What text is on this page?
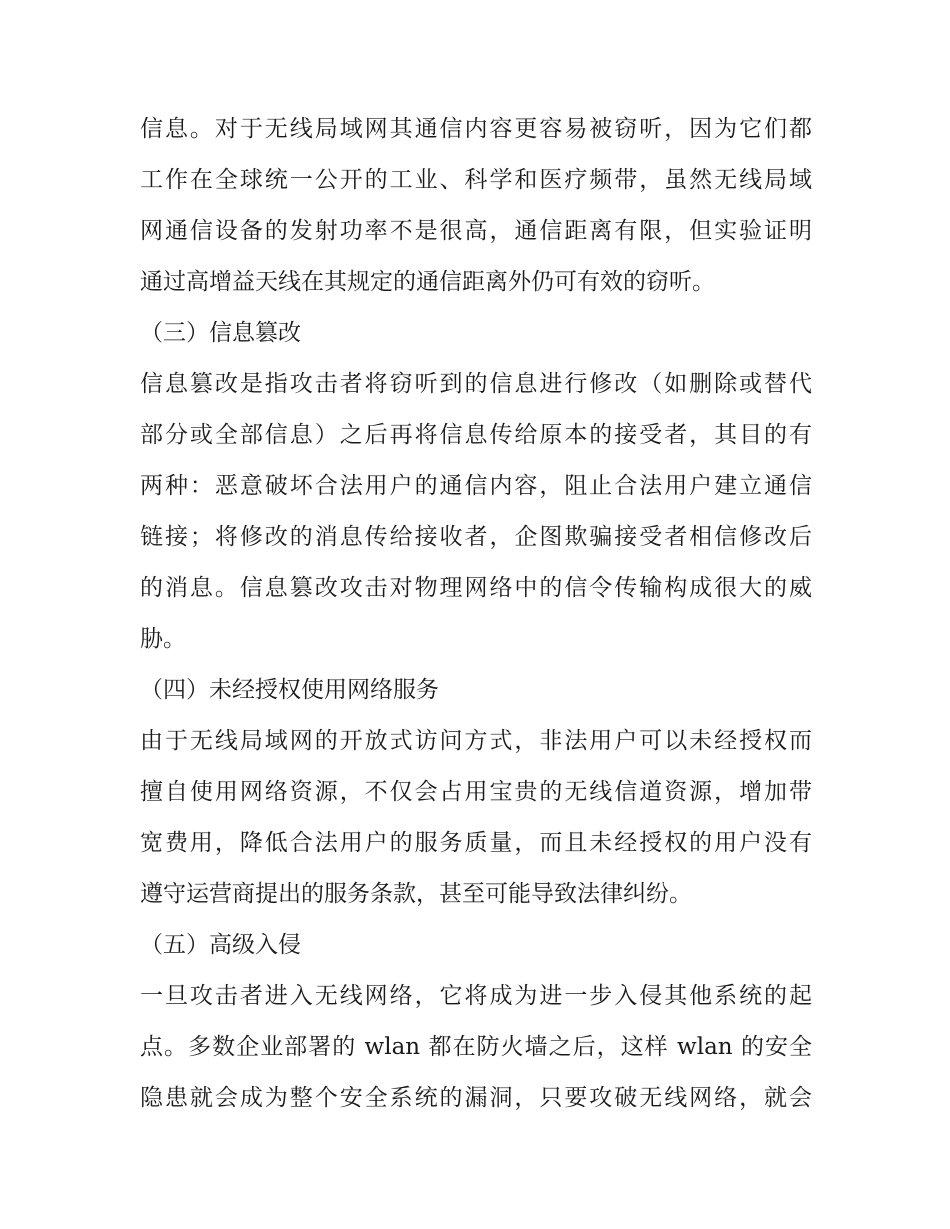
信息。对于无线局域网其通信内容更容易被窃听，因为它们都
工作在全球统一公开的工业、科学和医疗频带，虽然无线局域
网通信设备的发射功率不是很高，通信距离有限，但实验证明
通过高增益天线在其规定的通信距离外仍可有效的窃听。
（三）信息篡改
信息篡改是指攻击者将窃听到的信息进行修改（如删除或替代
部分或全部信息）之后再将信息传给原本的接受者，其目的有
两种：恶意破坏合法用户的通信内容，阻止合法用户建立通信
链接；将修改的消息传给接收者，企图欺骗接受者相信修改后
的消息。信息篡改攻击对物理网络中的信令传输构成很大的威
胁。
（四）未经授权使用网络服务
由于无线局域网的开放式访问方式，非法用户可以未经授权而
擅自使用网络资源，不仅会占用宝贵的无线信道资源，增加带
宽费用，降低合法用户的服务质量，而且未经授权的用户没有
遵守运营商提出的服务条款，甚至可能导致法律纠纷。
（五）高级入侵
一旦攻击者进入无线网络，它将成为进一步入侵其他系统的起
点。多数企业部署的 wlan 都在防火墙之后，这样 wlan 的安全
隐患就会成为整个安全系统的漏洞，只要攻破无线网络，就会
